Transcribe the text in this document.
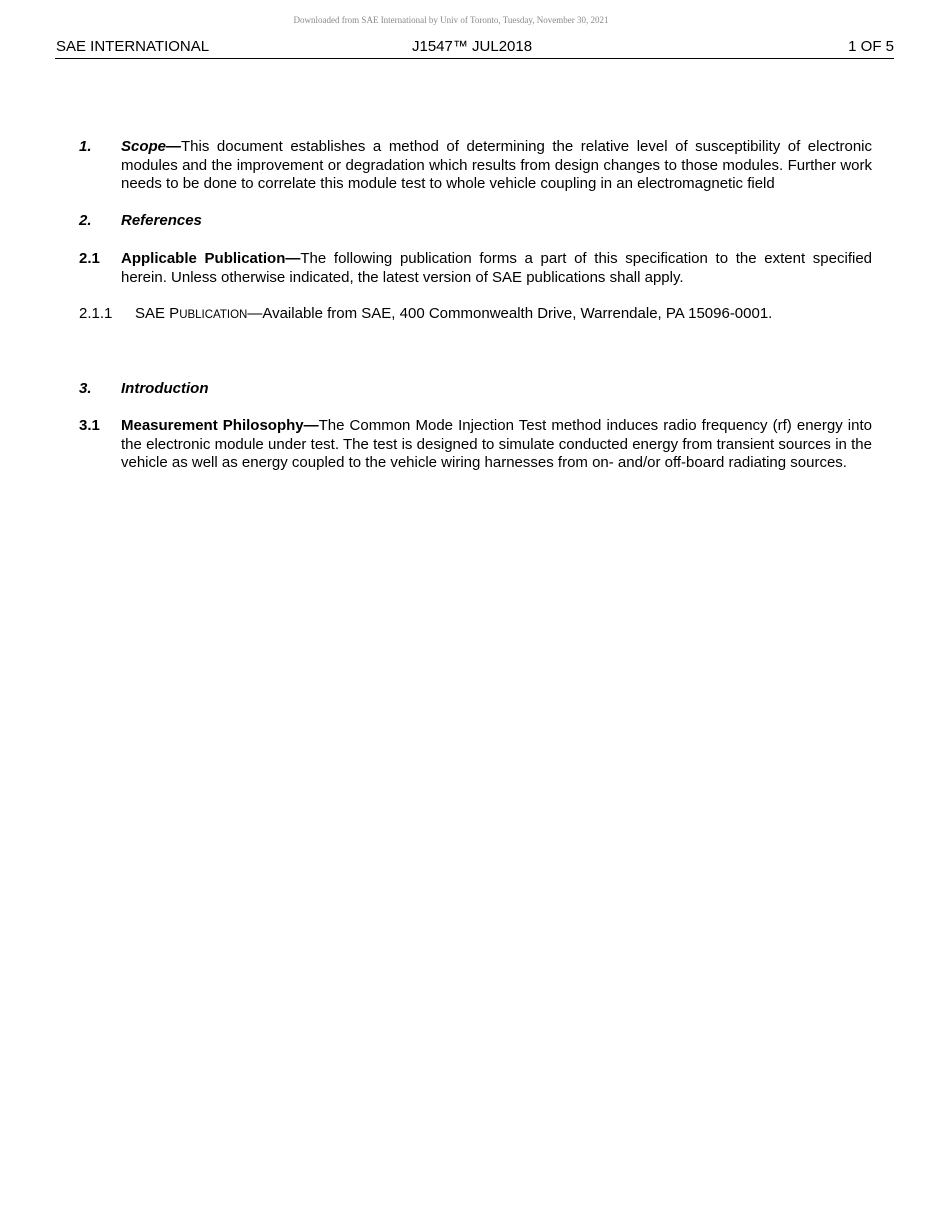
Downloaded from SAE International by Univ of Toronto, Tuesday, November 30, 2021
SAE INTERNATIONAL	J1547™ JUL2018	1 OF 5
1. Scope—This document establishes a method of determining the relative level of susceptibility of electronic modules and the improvement or degradation which results from design changes to those modules. Further work needs to be done to correlate this module test to whole vehicle coupling in an electromagnetic field
2. References
2.1 Applicable Publication—The following publication forms a part of this specification to the extent specified herein. Unless otherwise indicated, the latest version of SAE publications shall apply.
2.1.1 SAE PUBLICATION—Available from SAE, 400 Commonwealth Drive, Warrendale, PA 15096-0001.
3. Introduction
3.1 Measurement Philosophy—The Common Mode Injection Test method induces radio frequency (rf) energy into the electronic module under test. The test is designed to simulate conducted energy from transient sources in the vehicle as well as energy coupled to the vehicle wiring harnesses from on- and/or off-board radiating sources.
